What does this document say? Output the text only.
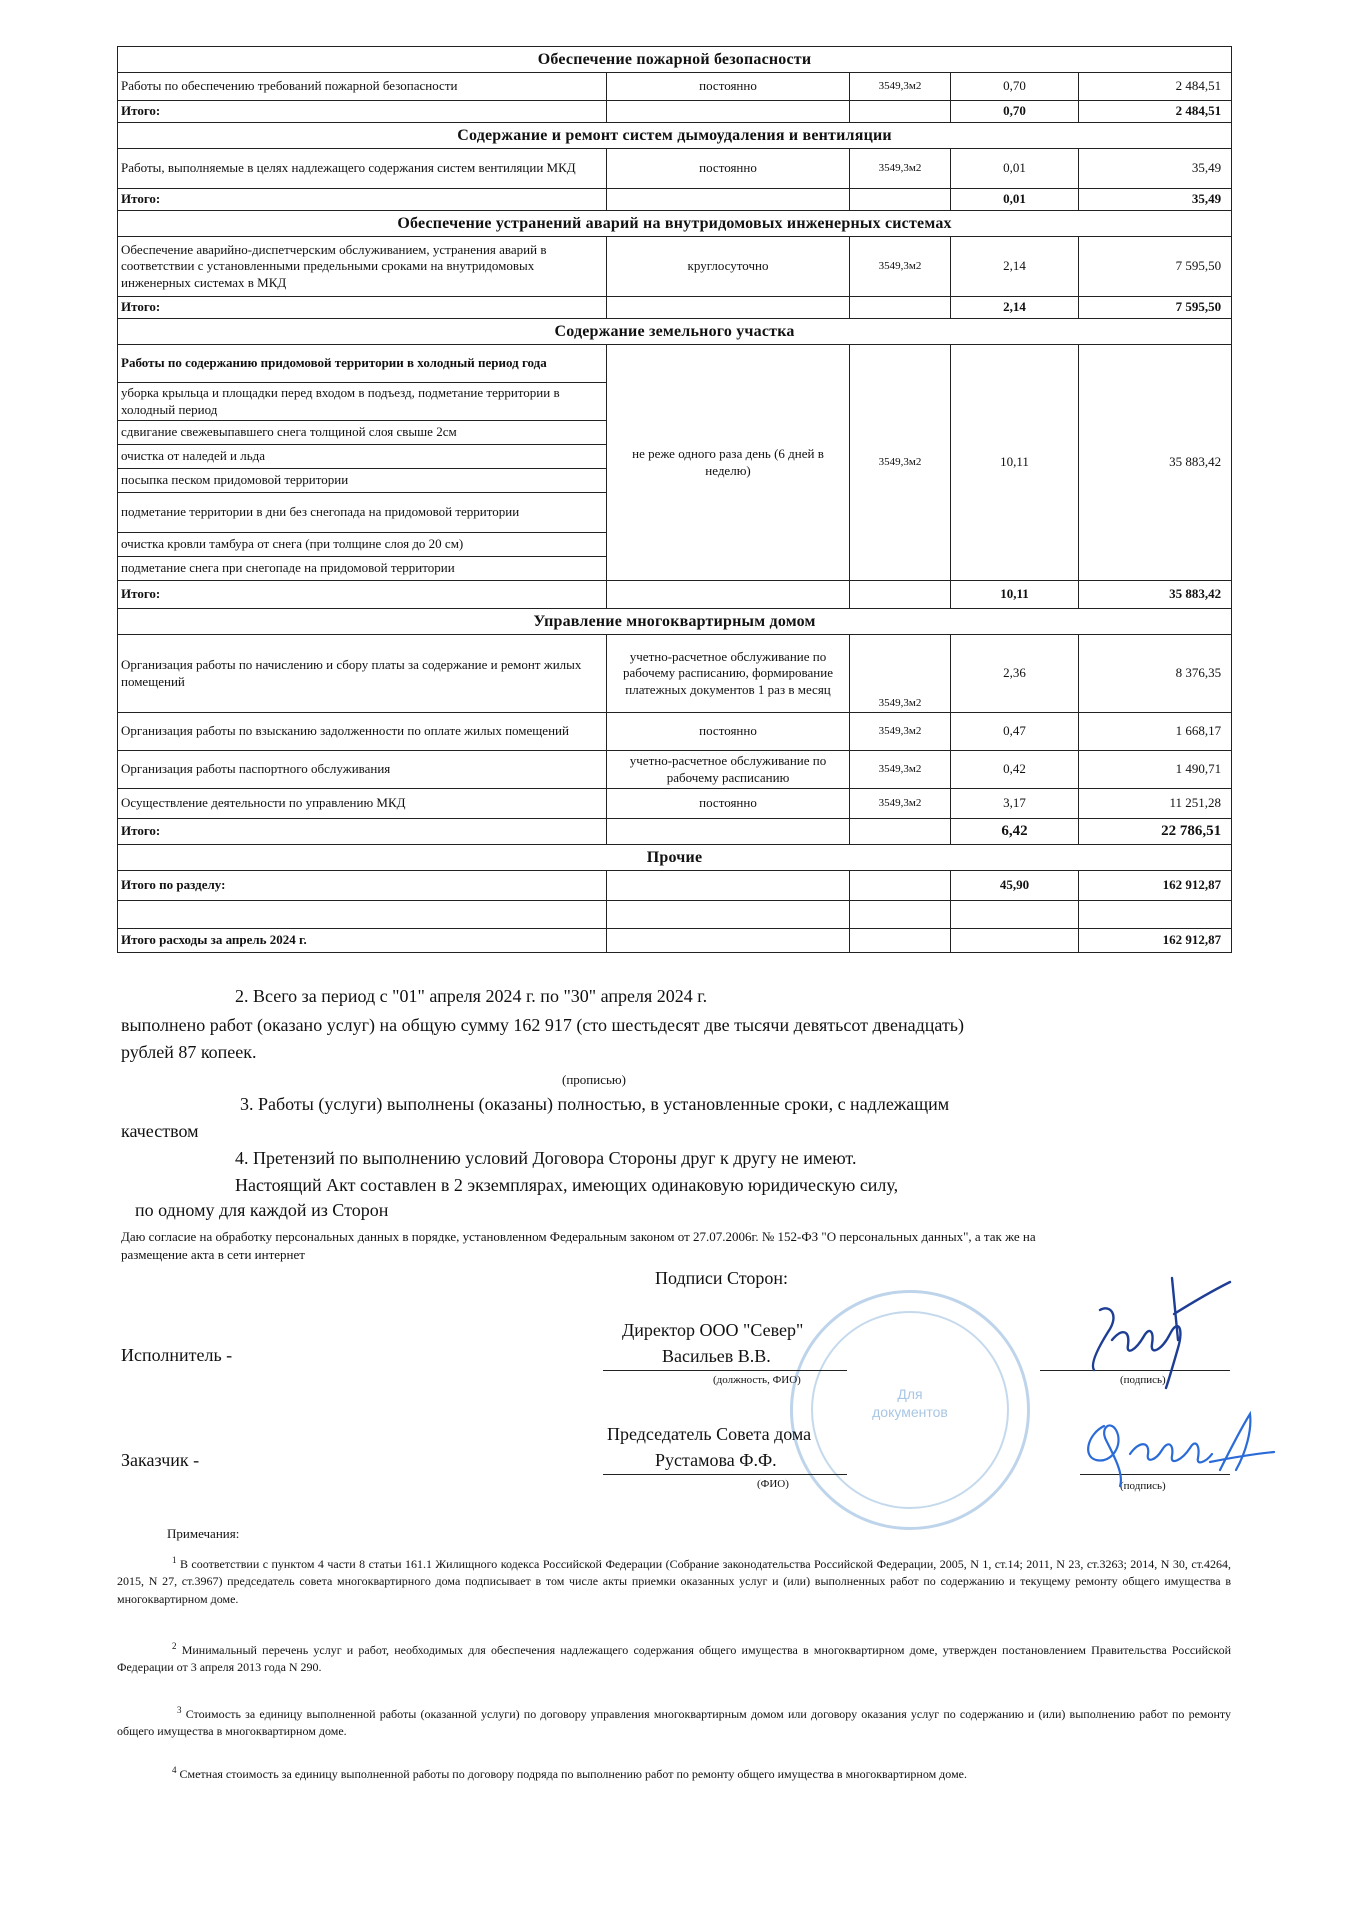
Обеспечение пожарной безопасности				
Работы по обеспечению требований пожарной безопасности	постоянно	3549,3м2	0,70	2 484,51
Итого:			0,70	2 484,51
Содержание и ремонт систем дымоудаления и вентиляции				
Работы, выполняемые в целях надлежащего содержания систем вентиляции МКД	постоянно	3549,3м2	0,01	35,49
Итого:			0,01	35,49
Обеспечение устранений аварий на внутридомовых инженерных системах				
Обеспечение аварийно-диспетчерским обслуживанием, устранения аварий в соответствии с установленными предельными сроками на внутридомовых инженерных системах в МКД	круглосуточно	3549,3м2	2,14	7 595,50
Итого:			2,14	7 595,50
Содержание земельного участка				
Работы по содержанию придомовой территории в холодный период года	не реже одного раза день (6 дней в неделю)	3549,3м2	10,11	35 883,42
уборка крыльца и площадки перед входом в подъезд, подметание территории в холодный период				
сдвигание свежевыпавшего снега толщиной слоя свыше 2см				
очистка от наледей и льда				
посыпка песком придомовой территории				
подметание территории в дни без снегопада на придомовой территории				
очистка кровли тамбура от снега (при толщине слоя до 20 см)				
подметание снега при снегопаде на придомовой территории				
Итого:			10,11	35 883,42
Управление многоквартирным домом				
Организация работы по начислению и сбору платы за содержание и ремонт жилых помещений	учетно-расчетное обслуживание по рабочему расписанию, формирование платежных документов 1 раз в месяц	3549,3м2	2,36	8 376,35
Организация работы по взысканию задолженности по оплате жилых помещений	постоянно	3549,3м2	0,47	1 668,17
Организация работы паспортного обслуживания	учетно-расчетное обслуживание по рабочему расписанию	3549,3м2	0,42	1 490,71
Осуществление деятельности по управлению МКД	постоянно	3549,3м2	3,17	11 251,28
Итого:			6,42	22 786,51
Прочие				
Итого по разделу:			45,90	162 912,87

Итого расходы за апрель 2024 г.				162 912,87
2. Всего за период с "01" апреля 2024 г. по "30" апреля 2024 г.
выполнено работ (оказано услуг) на общую сумму 162 917 (сто шестьдесят две тысячи девятьсот двенадцать)
рублей 87 копеек.
(прописью)
3. Работы (услуги) выполнены (оказаны) полностью, в установленные сроки, с надлежащим
качеством
4. Претензий по выполнению условий Договора Стороны друг к другу не имеют.
Настоящий Акт составлен в 2 экземплярах, имеющих одинаковую юридическую силу,
по одному для каждой из Сторон
Даю согласие на обработку персональных данных в порядке, установленном Федеральным законом от 27.07.2006г. № 152-ФЗ "О персональных данных", а так же на
размещение акта в сети интернет
Для
документов
Подписи Сторон:
Исполнитель -
Директор ООО "Север"
Васильев В.В.
(должность, ФИО)	(подпись)
Заказчик -
Председатель Совета дома
Рустамова Ф.Ф.
(ФИО)	(подпись)
Примечания:
$^1$ В соответствии с пунктом 4 части 8 статьи 161.1 Жилищного кодекса Российской Федерации (Собрание законодательства Российской Федерации, 2005, N 1, ст.14; 2011, N 23, ст.3263; 2014, N 30, ст.4264, 2015, N 27, ст.3967) председатель совета многоквартирного дома подписывает в том числе акты приемки оказанных услуг и (или) выполненных работ по содержанию и текущему ремонту общего имущества в многоквартирном доме.
$^2$ Минимальный перечень услуг и работ, необходимых для обеспечения надлежащего содержания общего имущества в многоквартирном доме, утвержден постановлением Правительства Российской Федерации от 3 апреля 2013 года N 290.
$^3$ Стоимость за единицу выполненной работы (оказанной услуги) по договору управления многоквартирным домом или договору оказания услуг по содержанию и (или) выполнению работ по ремонту общего имущества в многоквартирном доме.
$^4$ Сметная стоимость за единицу выполненной работы по договору подряда по выполнению работ по ремонту общего имущества в многоквартирном доме.
